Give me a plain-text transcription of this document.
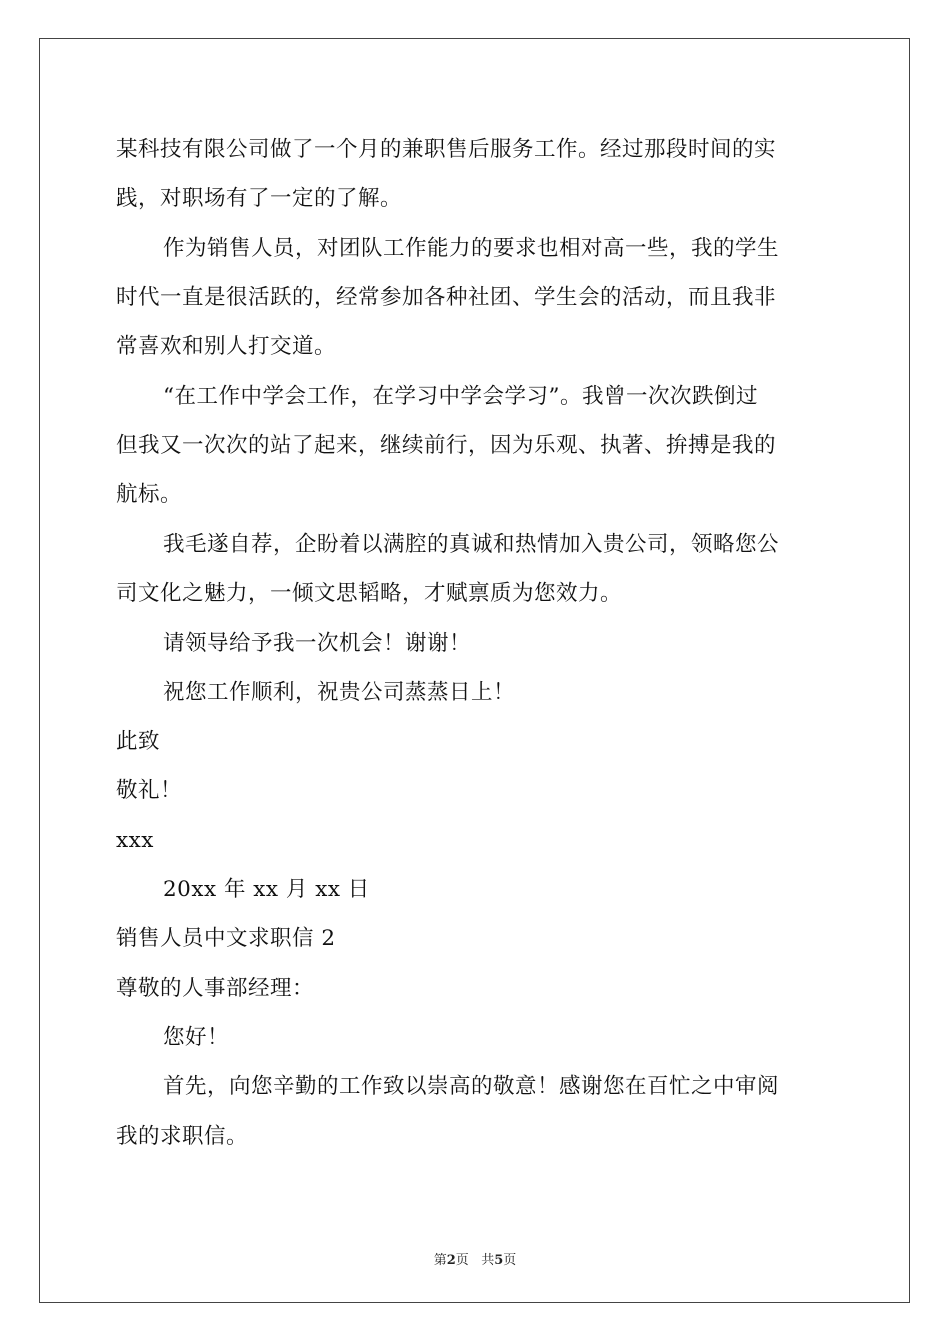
某科技有限公司做了一个月的兼职售后服务工作。经过那段时间的实
践，对职场有了一定的了解。
作为销售人员，对团队工作能力的要求也相对高一些，我的学生
时代一直是很活跃的，经常参加各种社团、学生会的活动，而且我非
常喜欢和别人打交道。
“在工作中学会工作，在学习中学会学习”。我曾一次次跌倒过
但我又一次次的站了起来，继续前行，因为乐观、执著、拚搏是我的
航标。
我毛遂自荐，企盼着以满腔的真诚和热情加入贵公司，领略您公
司文化之魅力，一倾文思韬略，才赋禀质为您效力。
请领导给予我一次机会！谢谢！
祝您工作顺利，祝贵公司蒸蒸日上！
此致
敬礼！
xxx
20xx 年 xx 月 xx 日
销售人员中文求职信 2
尊敬的人事部经理：
您好！
首先，向您辛勤的工作致以崇高的敬意！感谢您在百忙之中审阅
我的求职信。
第2页 共5页
